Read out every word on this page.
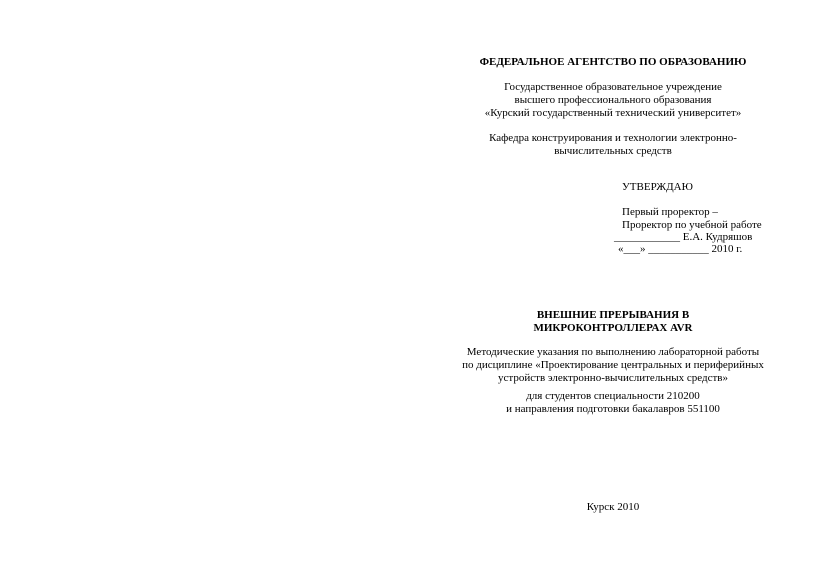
ФЕДЕРАЛЬНОЕ АГЕНТСТВО ПО ОБРАЗОВАНИЮ
Государственное образовательное учреждение
высшего профессионального образования
«Курский государственный технический университет»
Кафедра конструирования и технологии электронно-
вычислительных средств
УТВЕРЖДАЮ
Первый проректор –
Проректор по учебной работе
____________ Е.А. Кудряшов
«___» ___________ 2010 г.
ВНЕШНИЕ ПРЕРЫВАНИЯ В
МИКРОКОНТРОЛЛЕРАХ AVR
Методические указания по выполнению лабораторной работы
по дисциплине «Проектирование центральных и периферийных
устройств электронно-вычислительных средств»
для студентов специальности 210200
и направления подготовки бакалавров 551100
Курск 2010
